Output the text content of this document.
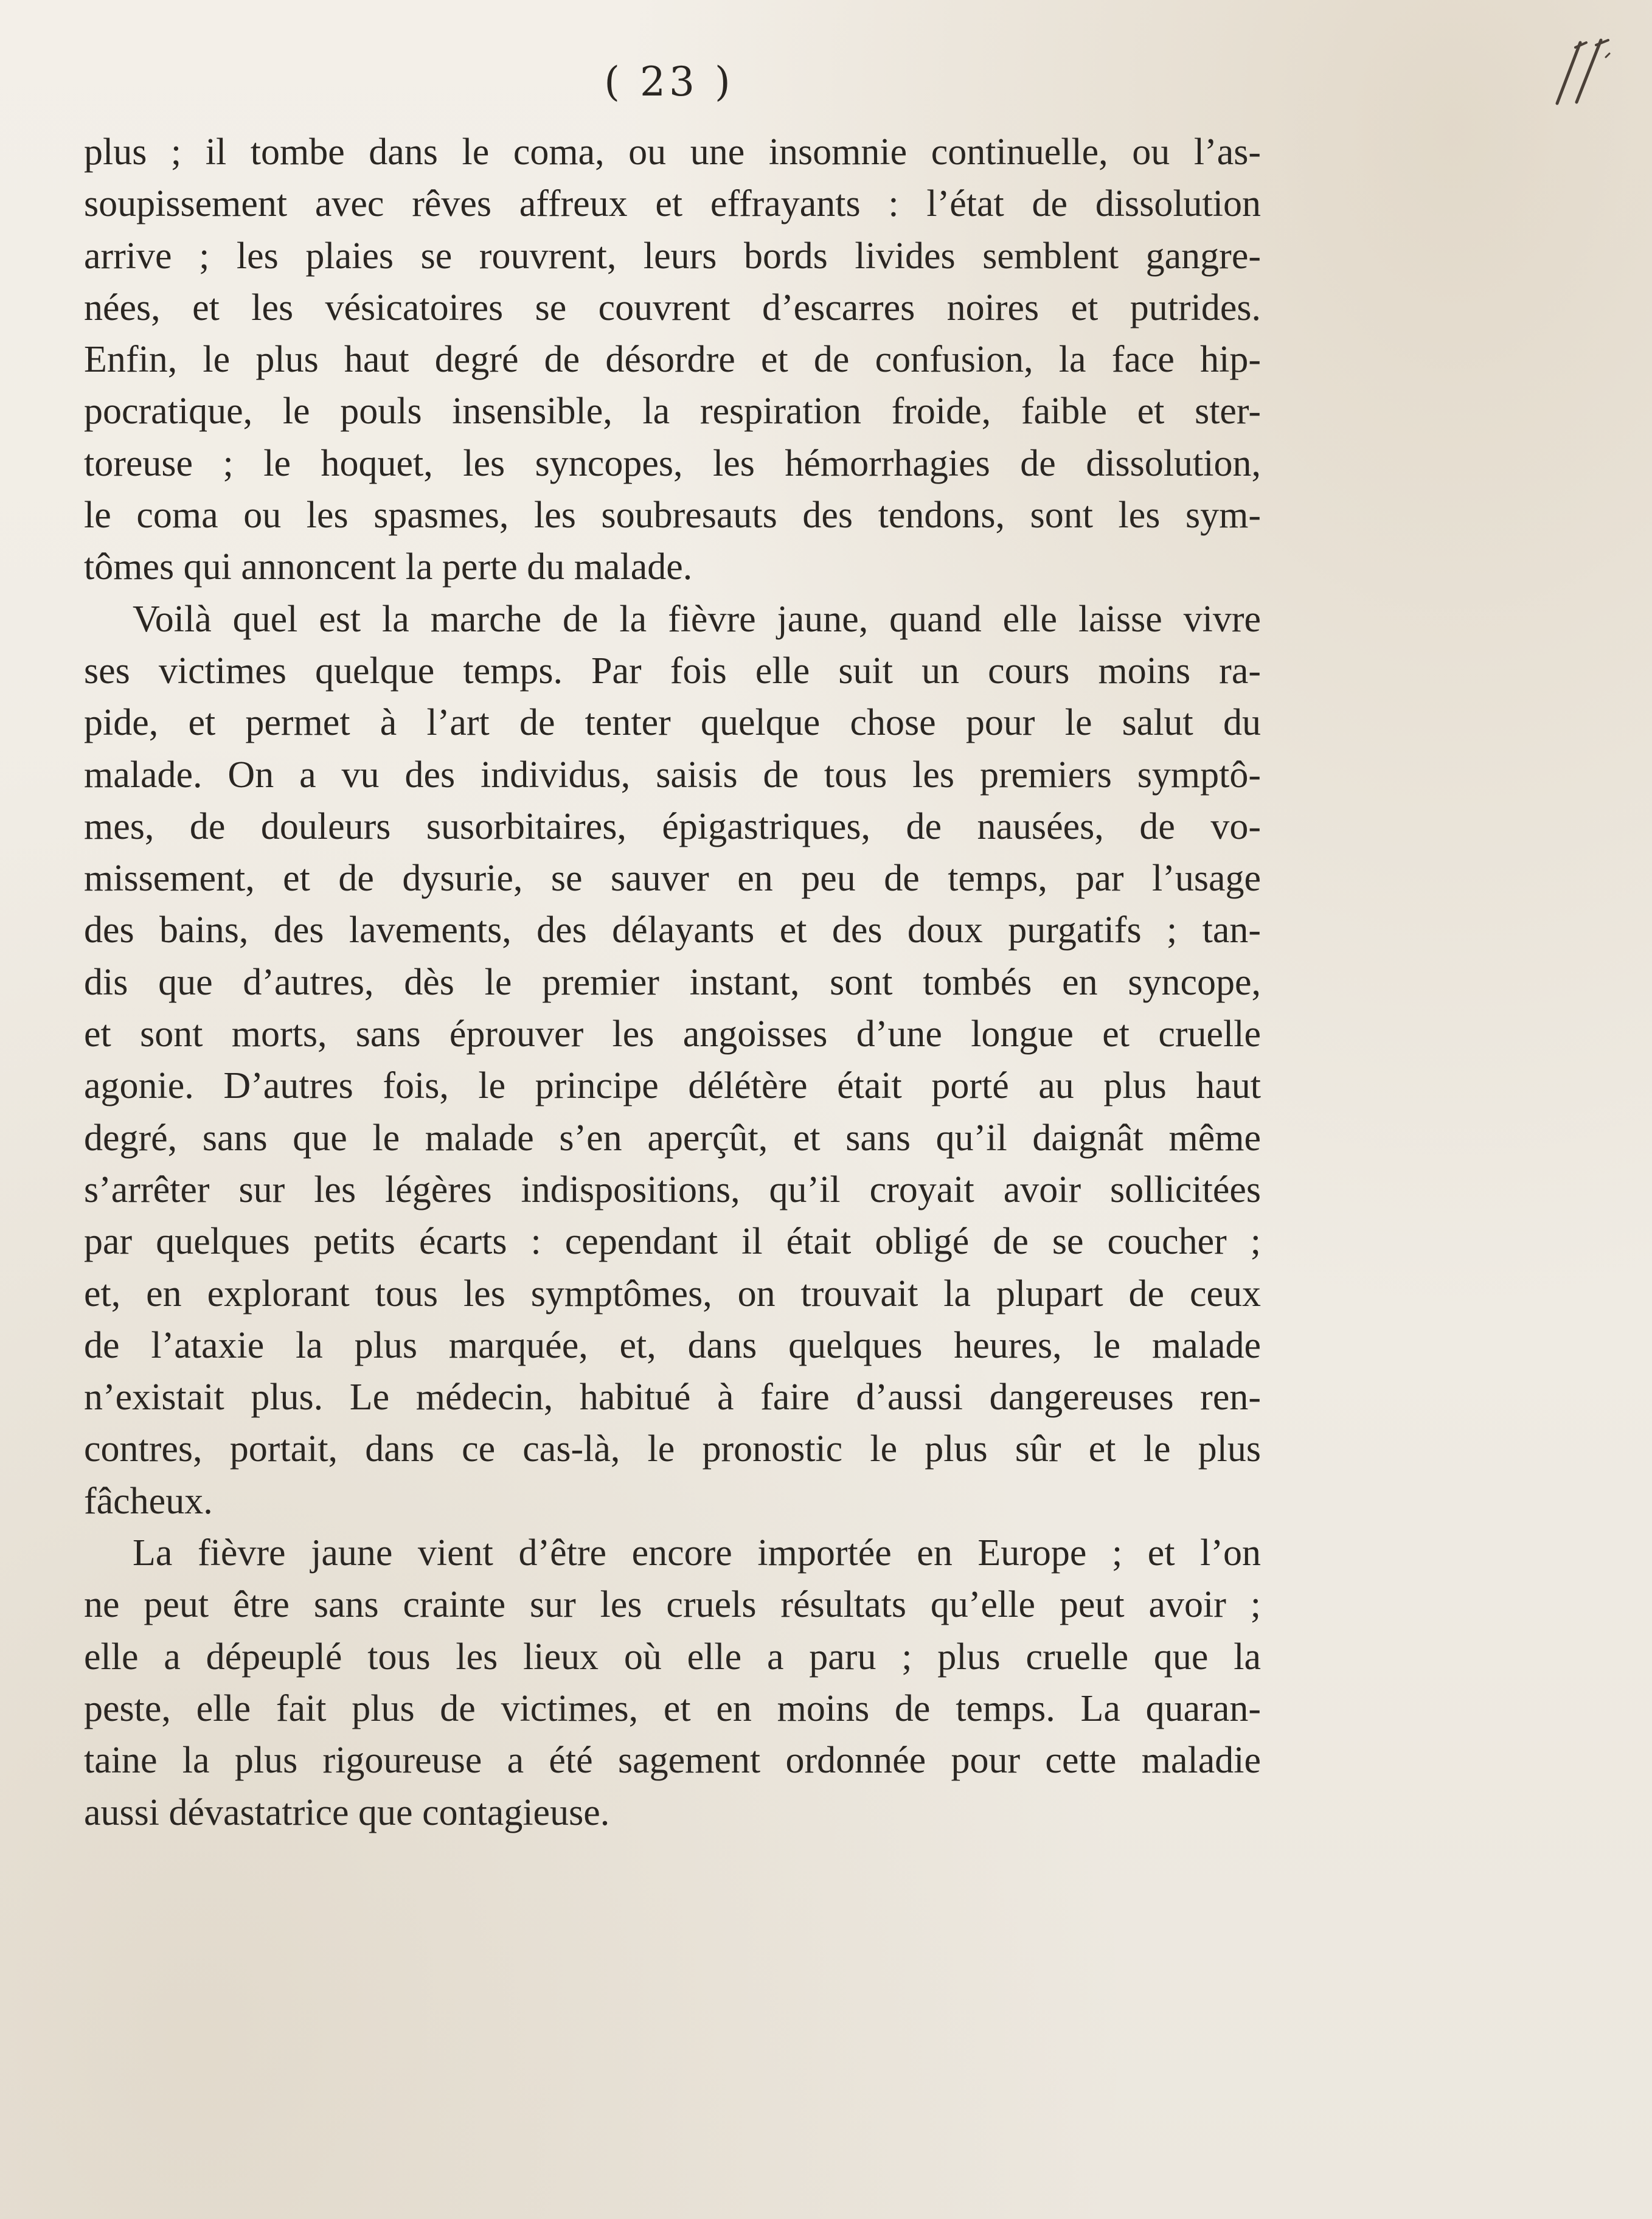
( 23 )
plus ; il tombe dans le coma, ou une insomnie continuelle, ou l’as-
soupissement avec rêves affreux et effrayants : l’état de dissolution
arrive ; les plaies se rouvrent, leurs bords livides semblent gangre-
nées, et les vésicatoires se couvrent d’escarres noires et putrides.
Enfin, le plus haut degré de désordre et de confusion, la face hip-
pocratique, le pouls insensible, la respiration froide, faible et ster-
toreuse ; le hoquet, les syncopes, les hémorrhagies de dissolution,
le coma ou les spasmes, les soubresauts des tendons, sont les sym-
tômes qui annoncent la perte du malade.
Voilà quel est la marche de la fièvre jaune, quand elle laisse vivre
ses victimes quelque temps. Par fois elle suit un cours moins ra-
pide, et permet à l’art de tenter quelque chose pour le salut du
malade. On a vu des individus, saisis de tous les premiers symptô-
mes, de douleurs susorbitaires, épigastriques, de nausées, de vo-
missement, et de dysurie, se sauver en peu de temps, par l’usage
des bains, des lavements, des délayants et des doux purgatifs ; tan-
dis que d’autres, dès le premier instant, sont tombés en syncope,
et sont morts, sans éprouver les angoisses d’une longue et cruelle
agonie. D’autres fois, le principe délétère était porté au plus haut
degré, sans que le malade s’en aperçût, et sans qu’il daignât même
s’arrêter sur les légères indispositions, qu’il croyait avoir sollicitées
par quelques petits écarts : cependant il était obligé de se coucher ;
et, en explorant tous les symptômes, on trouvait la plupart de ceux
de l’ataxie la plus marquée, et, dans quelques heures, le malade
n’existait plus. Le médecin, habitué à faire d’aussi dangereuses ren-
contres, portait, dans ce cas-là, le pronostic le plus sûr et le plus
fâcheux.
La fièvre jaune vient d’être encore importée en Europe ; et l’on
ne peut être sans crainte sur les cruels résultats qu’elle peut avoir ;
elle a dépeuplé tous les lieux où elle a paru ; plus cruelle que la
peste, elle fait plus de victimes, et en moins de temps. La quaran-
taine la plus rigoureuse a été sagement ordonnée pour cette maladie
aussi dévastatrice que contagieuse.
